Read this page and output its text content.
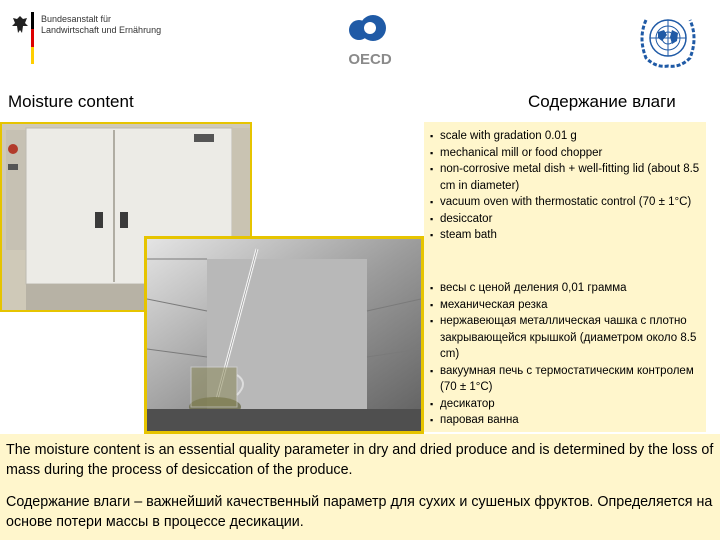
Bundesanstalt für
Landwirtschaft und Ernährung
OECD
Moisture content	Содержание влаги
▪ scale with gradation 0.01 g
▪ mechanical mill or food chopper
▪ non-corrosive metal dish + well-fitting lid (about 8.5 cm in diameter)
▪ vacuum oven with thermostatic control (70 ± 1°C)
▪ desiccator
▪ steam bath
▪ весы с ценой деления 0,01 грамма
▪ механическая резка
▪ нержавеющая металлическая чашка с плотно закрывающейся крышкой (диаметром около 8.5 cm)
▪ вакуумная печь с термостатическим контролем (70 ± 1°C)
▪ десикатор
▪ паровая ванна
The moisture content is an essential quality parameter in dry and dried produce and is determined by the loss of mass during the process of desiccation of the produce.
Содержание влаги – важнейший качественный параметр для сухих и сушеных фруктов. Определяется на основе потери массы в процессе десикации.
